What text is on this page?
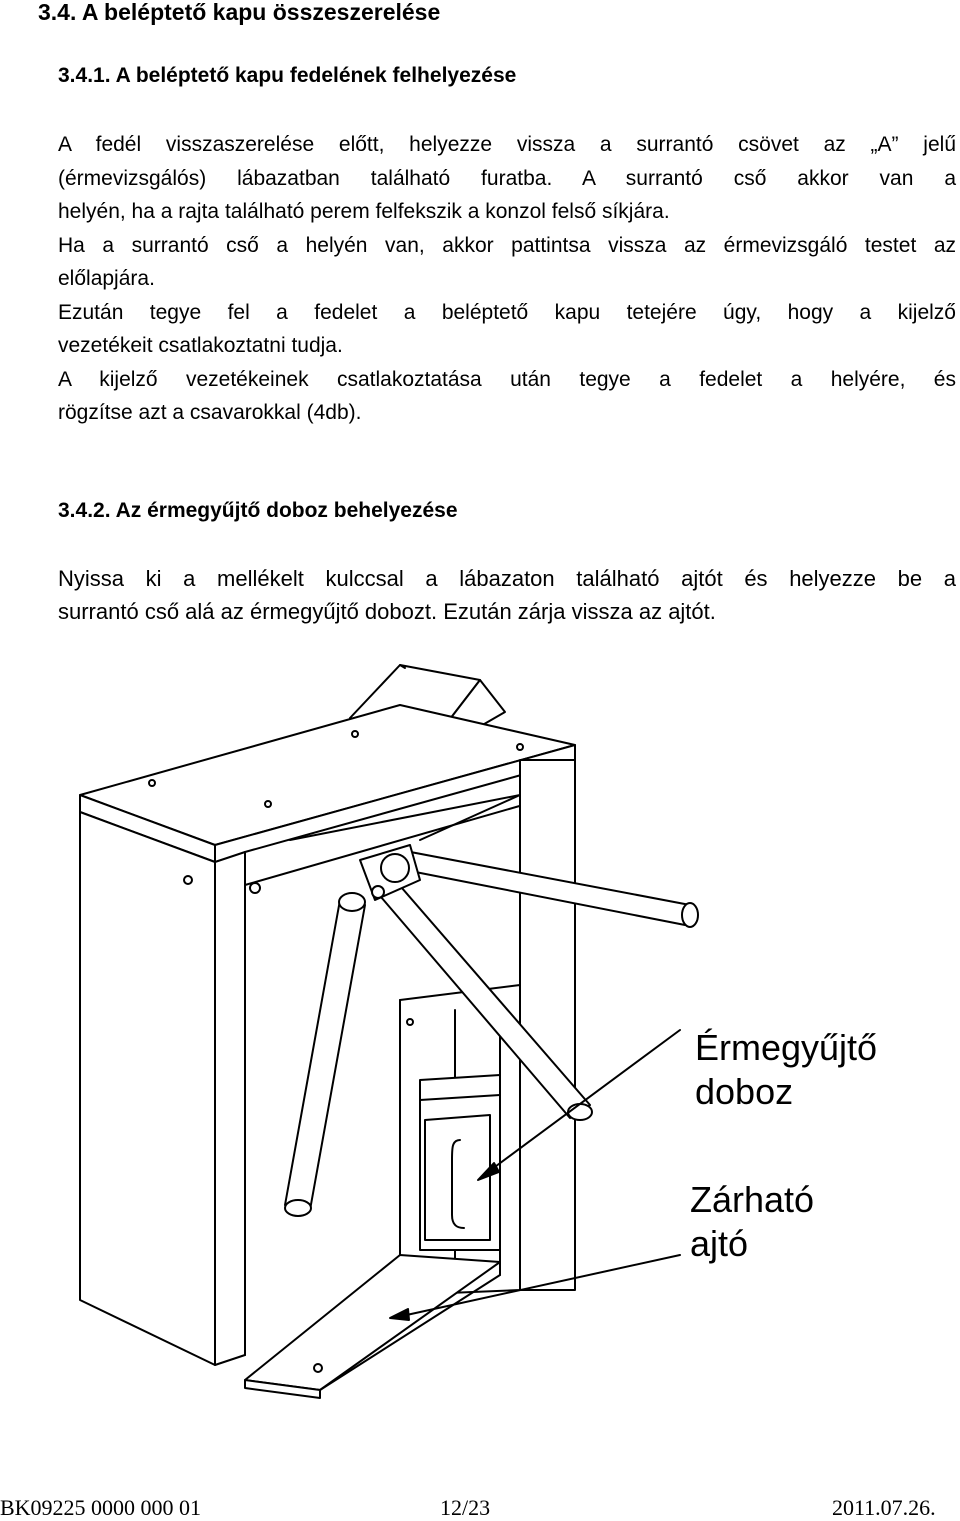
3.4. A beléptető kapu összeszerelése
3.4.1. A beléptető kapu fedelének felhelyezése

A fedél visszaszerelése előtt, helyezze vissza a surrantó csövet az „A” jelű

(érmevizsgálós) lábazatban található furatba. A surrantó cső akkor van a

helyén, ha a rajta található perem felfekszik a konzol felső síkjára.

Ha a surrantó cső a helyén van, akkor pattintsa vissza az érmevizsgáló testet az

előlapjára.

Ezután tegye fel a fedelet a beléptető kapu tetejére úgy, hogy a kijelző

vezetékeit csatlakoztatni tudja.

A kijelző vezetékeinek csatlakoztatása után tegye a fedelet a helyére, és

rögzítse azt a csavarokkal (4db).

3.4.2. Az érmegyűjtő doboz behelyezése

Nyissa ki a mellékelt kulccsal a lábazaton található ajtót és helyezze be a

surrantó cső alá az érmegyűjtő dobozt. Ezután zárja vissza az ajtót.

Érmegyűjtő
doboz
Zárható
ajtó
BK09225 0000 000 01	12/23	2011.07.26.
